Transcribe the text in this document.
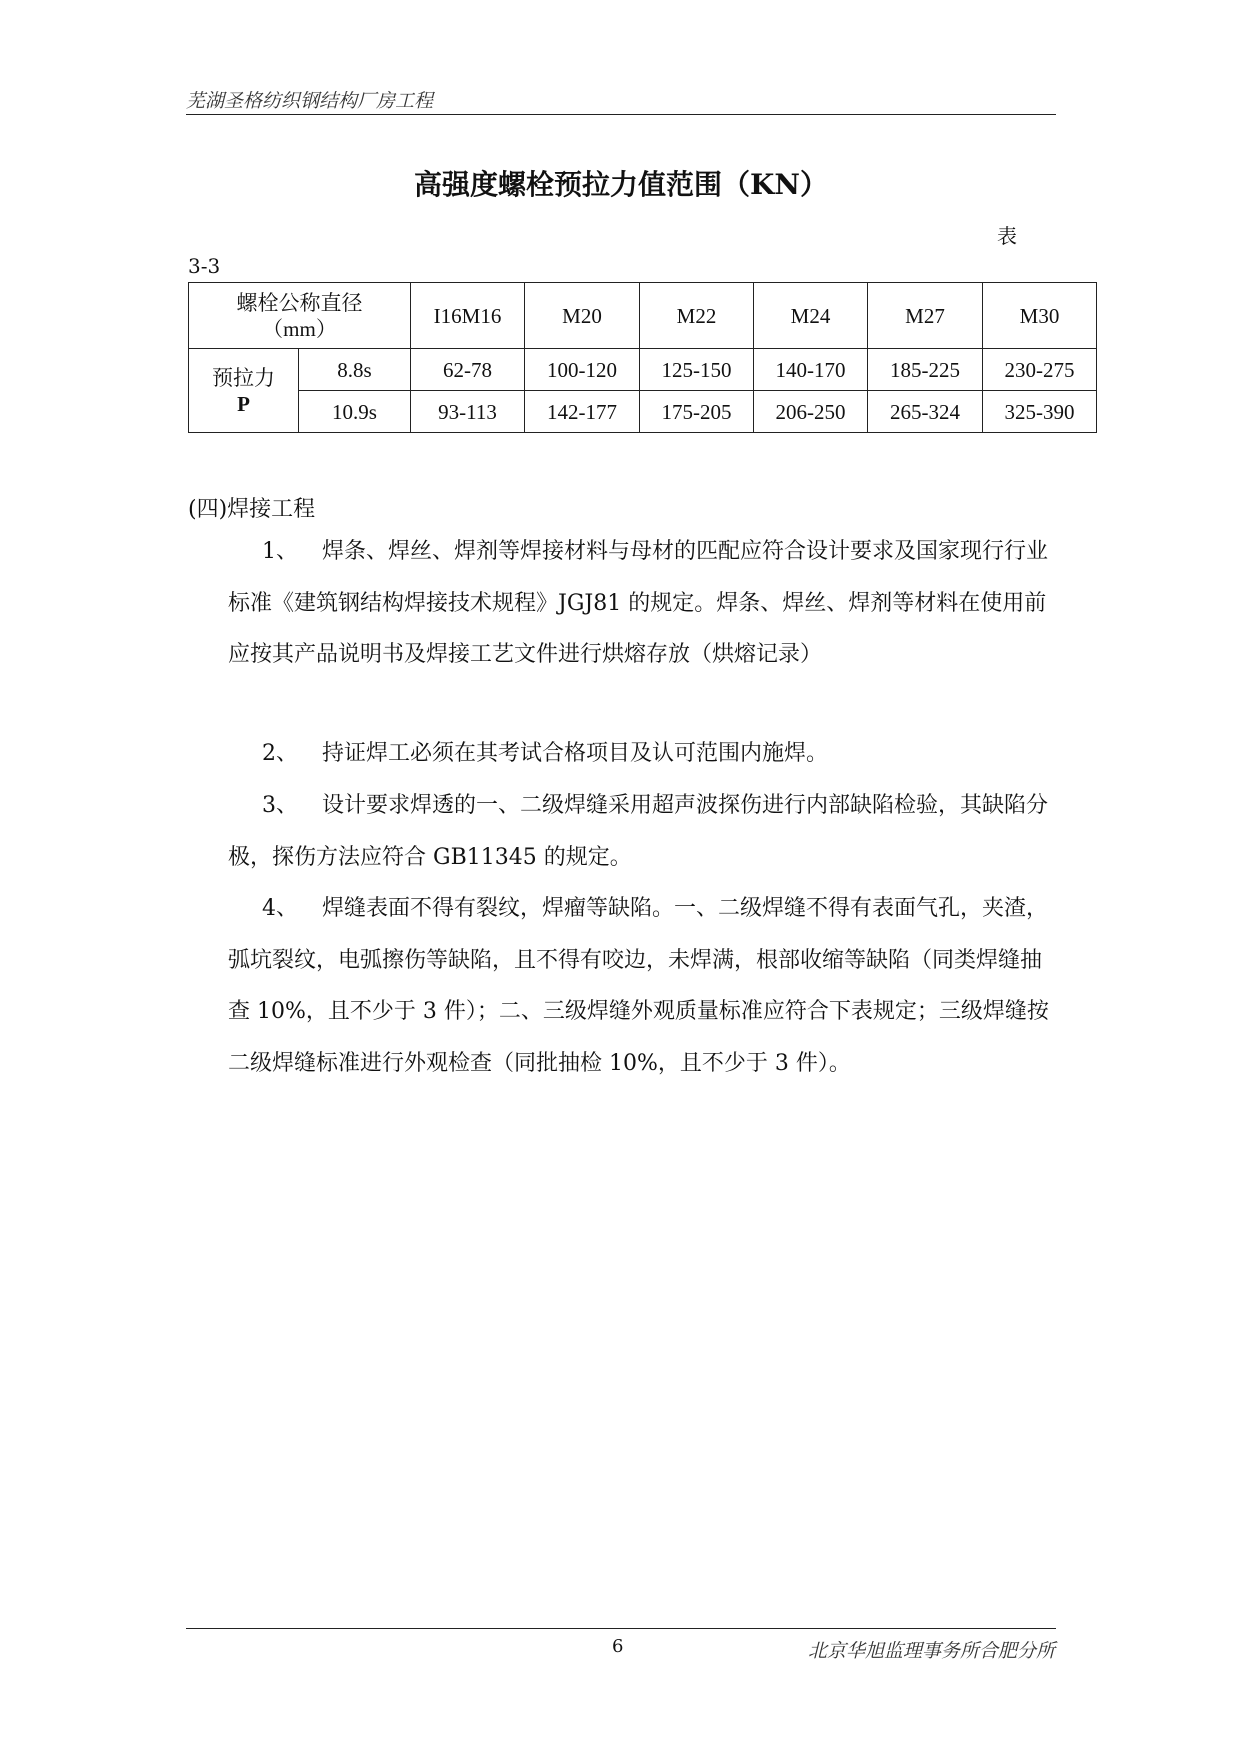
芜湖圣格纺织钢结构厂房工程
高强度螺栓预拉力值范围（KN）
表
3-3
螺栓公称直径
（mm）		I16M16	M20	M22	M24	M27	M30

预拉力
P	8.8s	62-78	100-120	125-150	140-170	185-225	230-275
	10.9s	93-113	142-177	175-205	206-250	265-324	325-390
(四)焊接工程
1、 焊条、焊丝、焊剂等焊接材料与母材的匹配应符合设计要求及国家现行行业标准《建筑钢结构焊接技术规程》JGJ81 的规定。焊条、焊丝、焊剂等材料在使用前应按其产品说明书及焊接工艺文件进行烘熔存放（烘熔记录）
2、 持证焊工必须在其考试合格项目及认可范围内施焊。
3、 设计要求焊透的一、二级焊缝采用超声波探伤进行内部缺陷检验，其缺陷分极，探伤方法应符合 GB11345 的规定。
4、 焊缝表面不得有裂纹，焊瘤等缺陷。一、二级焊缝不得有表面气孔，夹渣，弧坑裂纹，电弧擦伤等缺陷，且不得有咬边，未焊满，根部收缩等缺陷（同类焊缝抽查 10%，且不少于 3 件）；二、三级焊缝外观质量标准应符合下表规定；三级焊缝按二级焊缝标准进行外观检查（同批抽检 10%，且不少于 3 件）。
6	北京华旭监理事务所合肥分所
